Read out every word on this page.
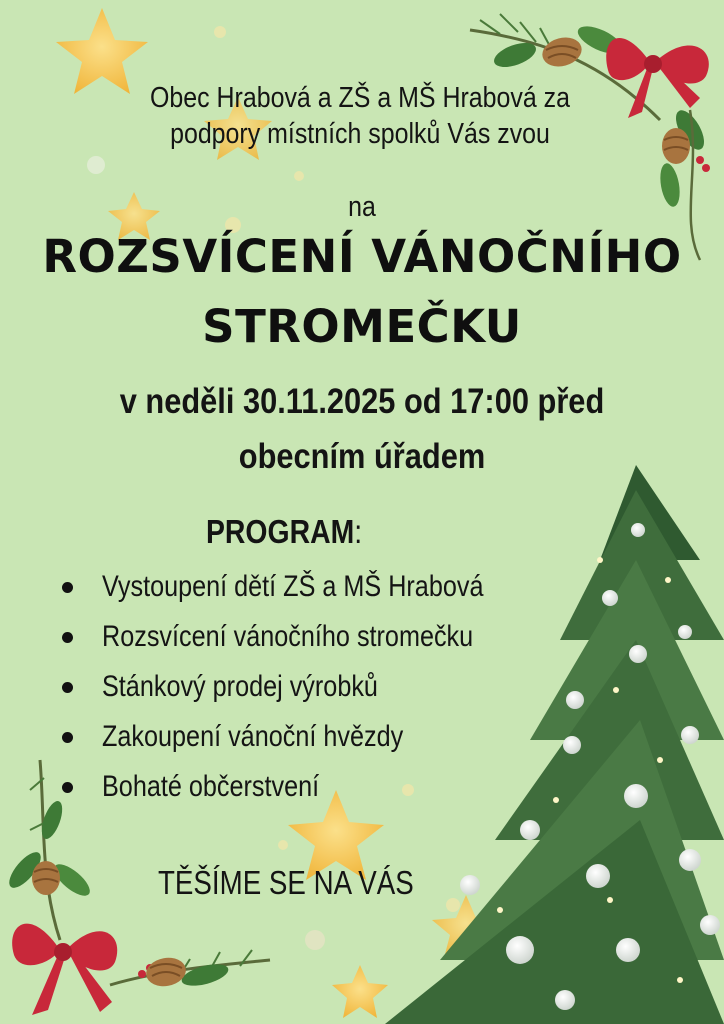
Obec Hrabová a ZŠ a MŠ Hrabová za
podpory místních spolků Vás zvou
na
ROZSVÍCENÍ VÁNOČNÍHO
STROMEČKU
v neděli 30.11.2025 od 17:00 před
obecním úřadem
PROGRAM:
Vystoupení dětí ZŠ a MŠ Hrabová
Rozsvícení vánočního stromečku
Stánkový prodej výrobků
Zakoupení vánoční hvězdy
Bohaté občerstvení
TĚŠÍME SE NA VÁS
